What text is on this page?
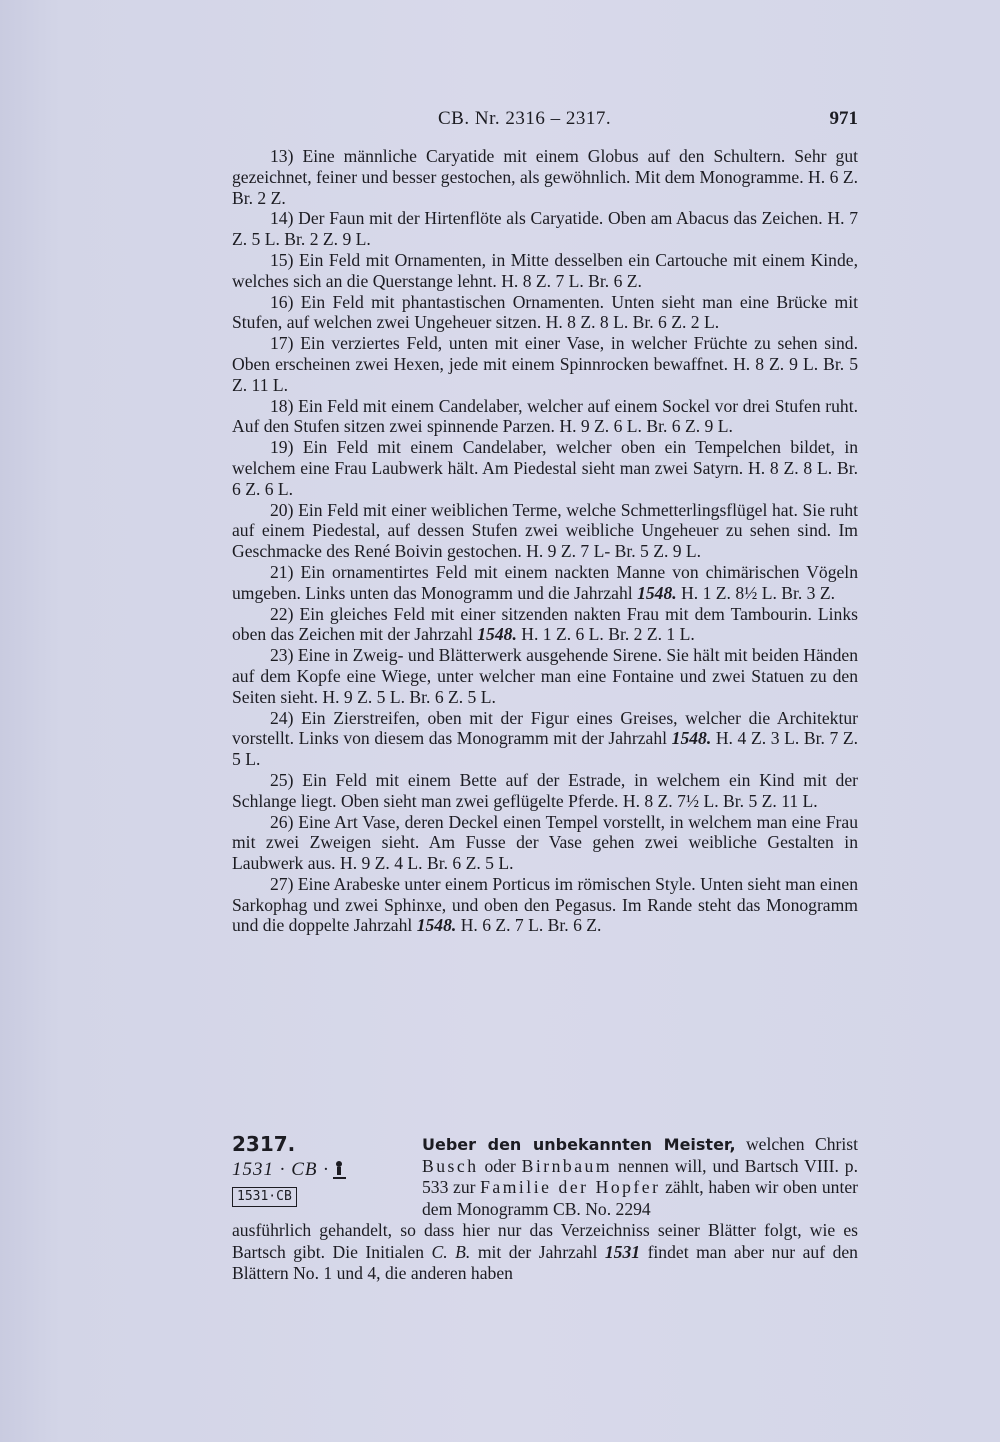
CB. Nr. 2316 – 2317.	971

13) Eine männliche Caryatide mit einem Globus auf den Schultern. Sehr gut gezeichnet, feiner und besser gestochen, als gewöhnlich. Mit dem Monogramme. H. 6 Z. Br. 2 Z.

14) Der Faun mit der Hirtenflöte als Caryatide. Oben am Abacus das Zeichen. H. 7 Z. 5 L. Br. 2 Z. 9 L.

15) Ein Feld mit Ornamenten, in Mitte desselben ein Cartouche mit einem Kinde, welches sich an die Querstange lehnt. H. 8 Z. 7 L. Br. 6 Z.

16) Ein Feld mit phantastischen Ornamenten. Unten sieht man eine Brücke mit Stufen, auf welchen zwei Ungeheuer sitzen. H. 8 Z. 8 L. Br. 6 Z. 2 L.

17) Ein verziertes Feld, unten mit einer Vase, in welcher Früchte zu sehen sind. Oben erscheinen zwei Hexen, jede mit einem Spinnrocken bewaffnet. H. 8 Z. 9 L. Br. 5 Z. 11 L.

18) Ein Feld mit einem Candelaber, welcher auf einem Sockel vor drei Stufen ruht. Auf den Stufen sitzen zwei spinnende Parzen. H. 9 Z. 6 L. Br. 6 Z. 9 L.

19) Ein Feld mit einem Candelaber, welcher oben ein Tempelchen bildet, in welchem eine Frau Laubwerk hält. Am Piedestal sieht man zwei Satyrn. H. 8 Z. 8 L. Br. 6 Z. 6 L.

20) Ein Feld mit einer weiblichen Terme, welche Schmetterlingsflügel hat. Sie ruht auf einem Piedestal, auf dessen Stufen zwei weibliche Ungeheuer zu sehen sind. Im Geschmacke des René Boivin gestochen. H. 9 Z. 7 L- Br. 5 Z. 9 L.

21) Ein ornamentirtes Feld mit einem nackten Manne von chimärischen Vögeln umgeben. Links unten das Monogramm und die Jahrzahl 1548. H. 1 Z. 8½ L. Br. 3 Z.

22) Ein gleiches Feld mit einer sitzenden nakten Frau mit dem Tambourin. Links oben das Zeichen mit der Jahrzahl 1548. H. 1 Z. 6 L. Br. 2 Z. 1 L.

23) Eine in Zweig- und Blätterwerk ausgehende Sirene. Sie hält mit beiden Händen auf dem Kopfe eine Wiege, unter welcher man eine Fontaine und zwei Statuen zu den Seiten sieht. H. 9 Z. 5 L. Br. 6 Z. 5 L.

24) Ein Zierstreifen, oben mit der Figur eines Greises, welcher die Architektur vorstellt. Links von diesem das Monogramm mit der Jahrzahl 1548. H. 4 Z. 3 L. Br. 7 Z. 5 L.

25) Ein Feld mit einem Bette auf der Estrade, in welchem ein Kind mit der Schlange liegt. Oben sieht man zwei geflügelte Pferde. H. 8 Z. 7½ L. Br. 5 Z. 11 L.

26) Eine Art Vase, deren Deckel einen Tempel vorstellt, in welchem man eine Frau mit zwei Zweigen sieht. Am Fusse der Vase gehen zwei weibliche Gestalten in Laubwerk aus. H. 9 Z. 4 L. Br. 6 Z. 5 L.

27) Eine Arabeske unter einem Porticus im römischen Style. Unten sieht man einen Sarkophag und zwei Sphinxe, und oben den Pegasus. Im Rande steht das Monogramm und die doppelte Jahrzahl 1548. H. 6 Z. 7 L. Br. 6 Z.

2317.
1531 · CB ·
1531·CB
Ueber den unbekannten Meister, welchen Christ Busch oder Birnbaum nennen will, und Bartsch VIII. p. 533 zur Familie der Hopfer zählt, haben wir oben unter dem Monogramm CB. No. 2294
ausführlich gehandelt, so dass hier nur das Verzeichniss seiner Blätter folgt, wie es Bartsch gibt. Die Initialen C. B. mit der Jahrzahl 1531 findet man aber nur auf den Blättern No. 1 und 4, die anderen haben
